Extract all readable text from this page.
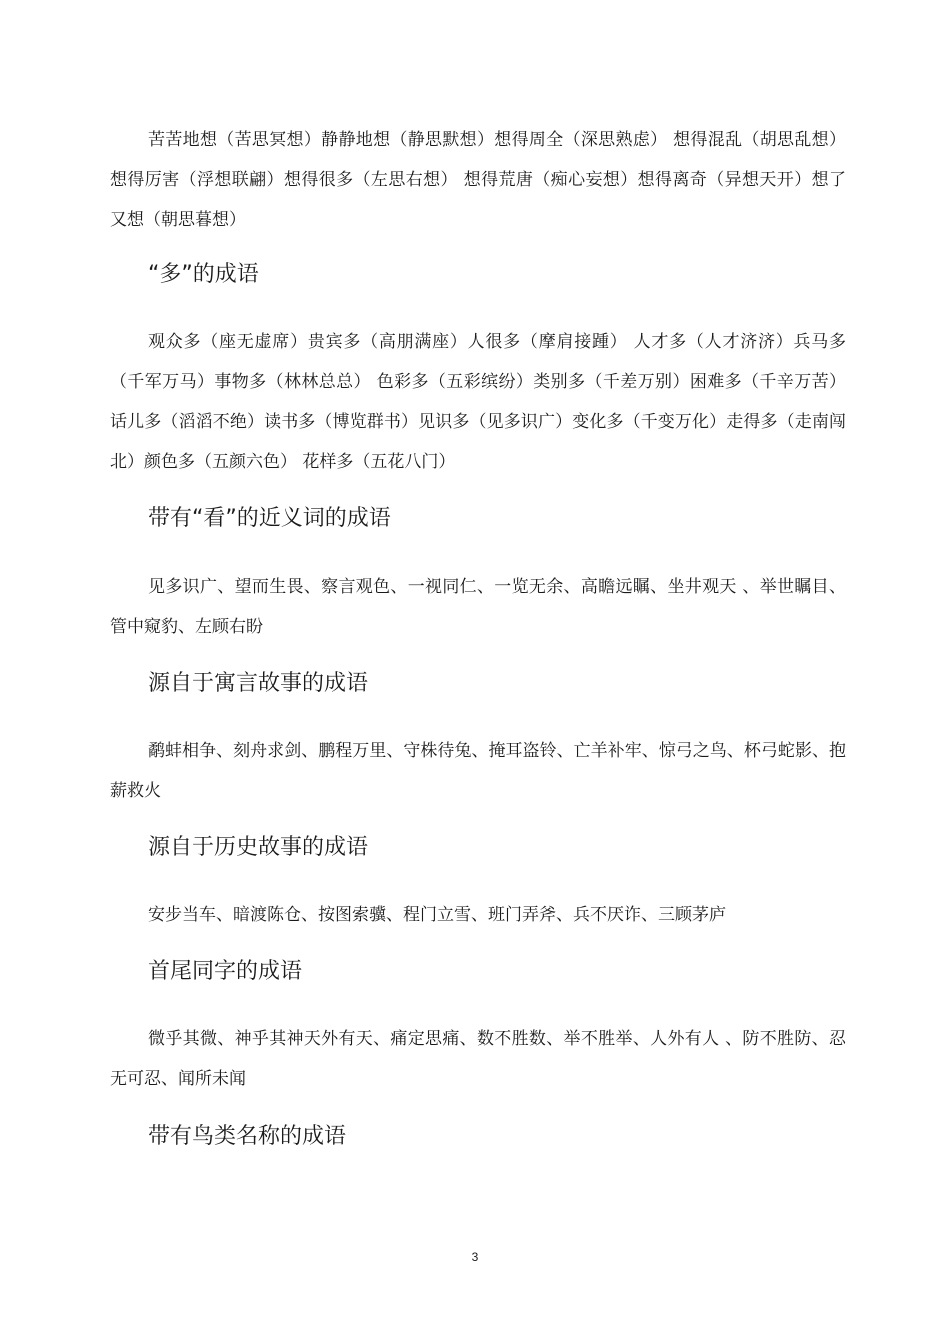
苦苦地想（苦思冥想）静静地想（静思默想）想得周全（深思熟虑） 想得混乱（胡思乱想）想得厉害（浮想联翩）想得很多（左思右想） 想得荒唐（痴心妄想）想得离奇（异想天开）想了又想（朝思暮想）

“多”的成语

观众多（座无虚席）贵宾多（高朋满座）人很多（摩肩接踵） 人才多（人才济济）兵马多（千军万马）事物多（林林总总） 色彩多（五彩缤纷）类别多（千差万别）困难多（千辛万苦） 话儿多（滔滔不绝）读书多（博览群书）见识多（见多识广）变化多（千变万化）走得多（走南闯北）颜色多（五颜六色） 花样多（五花八门）

带有“看”的近义词的成语

见多识广、望而生畏、察言观色、一视同仁、一览无余、高瞻远瞩、坐井观天 、举世瞩目、管中窥豹、左顾右盼

源自于寓言故事的成语

鹬蚌相争、刻舟求剑、鹏程万里、守株待兔、掩耳盗铃、亡羊补牢、惊弓之鸟、杯弓蛇影、抱薪救火

源自于历史故事的成语

安步当车、暗渡陈仓、按图索骥、程门立雪、班门弄斧、兵不厌诈、三顾茅庐

首尾同字的成语

微乎其微、神乎其神天外有天、痛定思痛、数不胜数、举不胜举、人外有人 、防不胜防、忍无可忍、闻所未闻

带有鸟类名称的成语
3
